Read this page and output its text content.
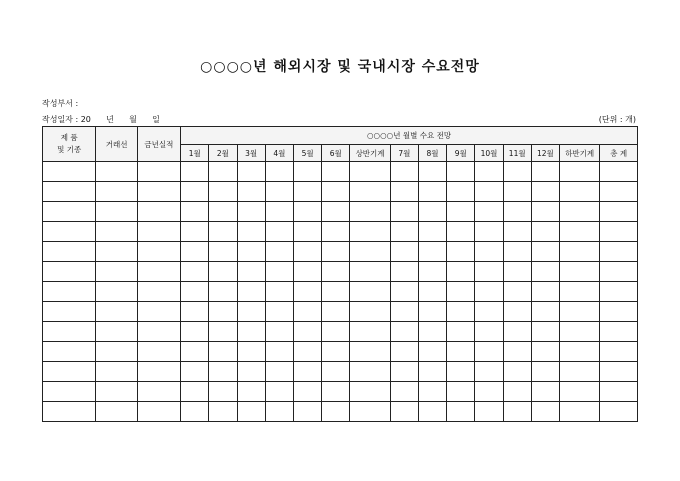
○○○○년 해외시장 및 국내시장 수요전망
작성부서 :
작성일자 : 20      년      월      일	(단위 : 개)
제 품
및 기종	거래선	금년실적	○○○○년 월별 수요 전망														
			1월	2월	3월	4월	5월	6월	상반기계	7월	8월	9월	10월	11월	12월	하반기계	총 계
